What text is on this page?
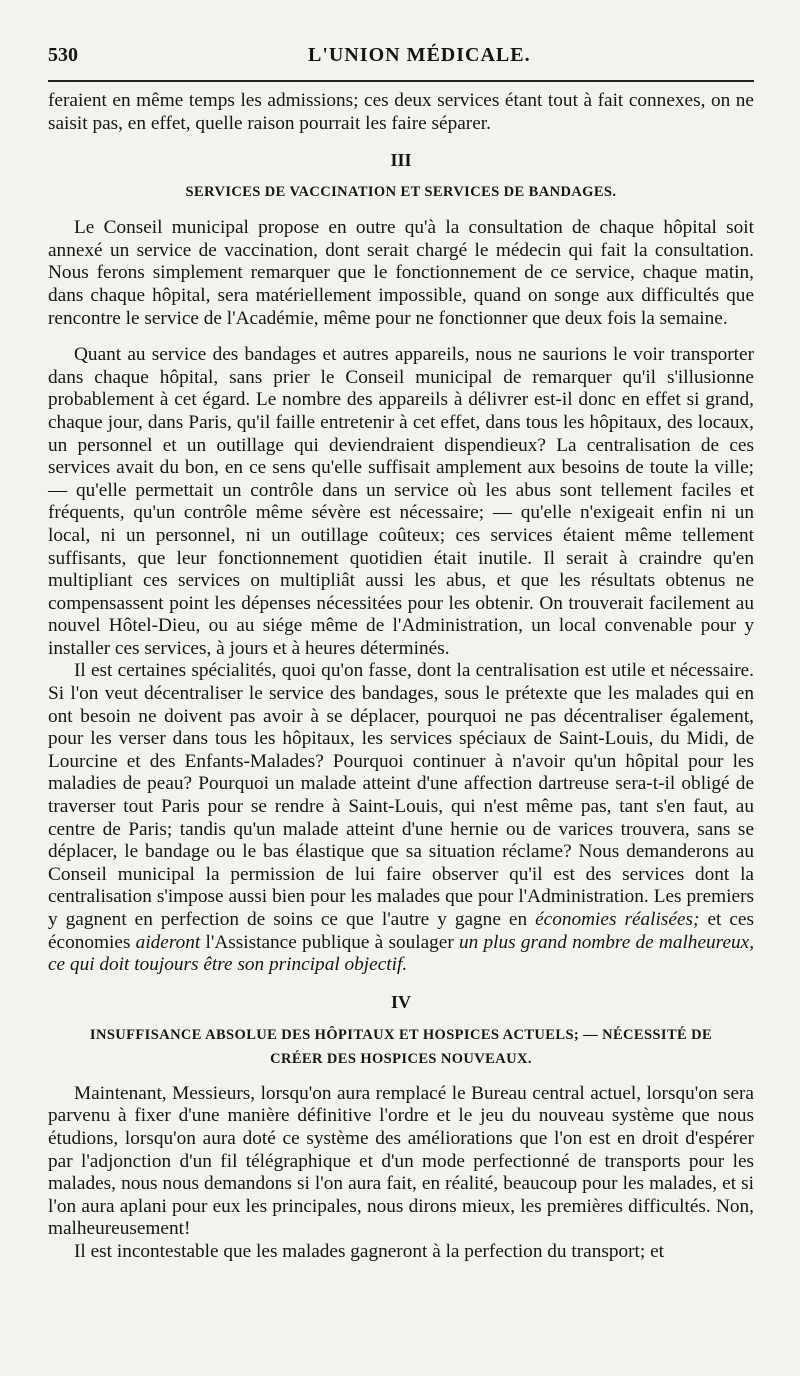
530	L'UNION MÉDICALE.

feraient en même temps les admissions; ces deux services étant tout à fait connexes, on ne saisit pas, en effet, quelle raison pourrait les faire séparer.

III
SERVICES DE VACCINATION ET SERVICES DE BANDAGES.

Le Conseil municipal propose en outre qu'à la consultation de chaque hôpital soit annexé un service de vaccination, dont serait chargé le médecin qui fait la consultation. Nous ferons simplement remarquer que le fonctionnement de ce service, chaque matin, dans chaque hôpital, sera matériellement impossible, quand on songe aux difficultés que rencontre le service de l'Académie, même pour ne fonctionner que deux fois la semaine.

Quant au service des bandages et autres appareils, nous ne saurions le voir transporter dans chaque hôpital, sans prier le Conseil municipal de remarquer qu'il s'illusionne probablement à cet égard. Le nombre des appareils à délivrer est-il donc en effet si grand, chaque jour, dans Paris, qu'il faille entretenir à cet effet, dans tous les hôpitaux, des locaux, un personnel et un outillage qui deviendraient dispendieux? La centralisation de ces services avait du bon, en ce sens qu'elle suffisait amplement aux besoins de toute la ville; — qu'elle permettait un contrôle dans un service où les abus sont tellement faciles et fréquents, qu'un contrôle même sévère est nécessaire; — qu'elle n'exigeait enfin ni un local, ni un personnel, ni un outillage coûteux; ces services étaient même tellement suffisants, que leur fonctionnement quotidien était inutile. Il serait à craindre qu'en multipliant ces services on multipliât aussi les abus, et que les résultats obtenus ne compensassent point les dépenses nécessitées pour les obtenir. On trouverait facilement au nouvel Hôtel-Dieu, ou au siége même de l'Administration, un local convenable pour y installer ces services, à jours et à heures déterminés.

Il est certaines spécialités, quoi qu'on fasse, dont la centralisation est utile et nécessaire. Si l'on veut décentraliser le service des bandages, sous le prétexte que les malades qui en ont besoin ne doivent pas avoir à se déplacer, pourquoi ne pas décentraliser également, pour les verser dans tous les hôpitaux, les services spéciaux de Saint-Louis, du Midi, de Lourcine et des Enfants-Malades? Pourquoi continuer à n'avoir qu'un hôpital pour les maladies de peau? Pourquoi un malade atteint d'une affection dartreuse sera-t-il obligé de traverser tout Paris pour se rendre à Saint-Louis, qui n'est même pas, tant s'en faut, au centre de Paris; tandis qu'un malade atteint d'une hernie ou de varices trouvera, sans se déplacer, le bandage ou le bas élastique que sa situation réclame? Nous demanderons au Conseil municipal la permission de lui faire observer qu'il est des services dont la centralisation s'impose aussi bien pour les malades que pour l'Administration. Les premiers y gagnent en perfection de soins ce que l'autre y gagne en économies réalisées; et ces économies aideront l'Assistance publique à soulager un plus grand nombre de malheureux, ce qui doit toujours être son principal objectif.

IV
INSUFFISANCE ABSOLUE DES HÔPITAUX ET HOSPICES ACTUELS; — NÉCESSITÉ DE
CRÉER DES HOSPICES NOUVEAUX.

Maintenant, Messieurs, lorsqu'on aura remplacé le Bureau central actuel, lorsqu'on sera parvenu à fixer d'une manière définitive l'ordre et le jeu du nouveau système que nous étudions, lorsqu'on aura doté ce système des améliorations que l'on est en droit d'espérer par l'adjonction d'un fil télégraphique et d'un mode perfectionné de transports pour les malades, nous nous demandons si l'on aura fait, en réalité, beaucoup pour les malades, et si l'on aura aplani pour eux les principales, nous dirons mieux, les premières difficultés. Non, malheureusement!

Il est incontestable que les malades gagneront à la perfection du transport; et
